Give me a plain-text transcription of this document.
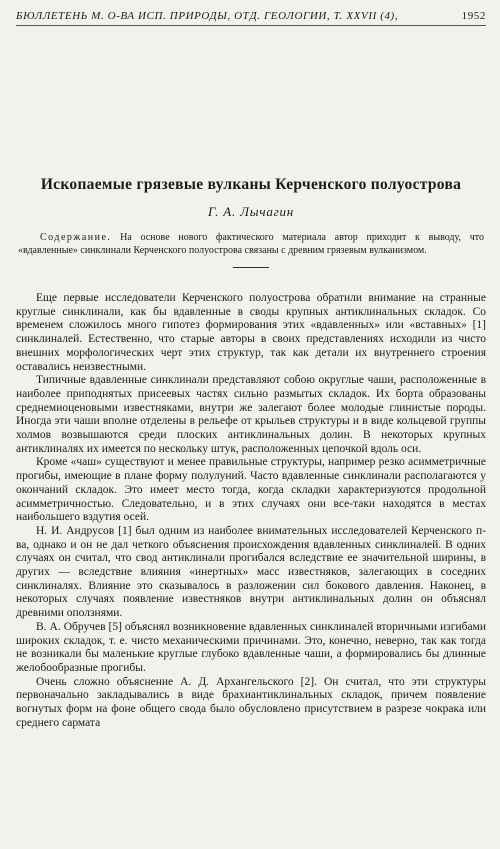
БЮЛЛЕТЕНЬ М. О-ВА ИСП. ПРИРОДЫ, ОТД. ГЕОЛОГИИ, Т. XXVII (4),	1952
Ископаемые грязевые вулканы Керченского полуострова
Г. А. Лычагин
Содержание. На основе нового фактического материала автор приходит к выводу, что «вдавленные» синклинали Керченского полуострова связаны с древним грязевым вулканизмом.

Еще первые исследователи Керченского полуострова обратили внимание на странные круглые синклинали, как бы вдавленные в своды крупных антиклинальных складок. Со временем сложилось много гипотез формирования этих «вдавленных» или «вставных» [1] синклиналей. Естественно, что старые авторы в своих представлениях исходили из чисто внешних морфологических черт этих структур, так как детали их внутреннего строения оставались неизвестными.

Типичные вдавленные синклинали представляют собою округлые чаши, расположенные в наиболее приподнятых присеевых частях сильно размытых складок. Их борта образованы среднемиоценовыми известняками, внутри же залегают более молодые глинистые породы. Иногда эти чаши вполне отделены в рельефе от крыльев структуры и в виде кольцевой группы холмов возвышаются среди плоских антиклинальных долин. В некоторых крупных антиклиналях их имеется по нескольку штук, расположенных цепочкой вдоль оси.

Кроме «чаш» существуют и менее правильные структуры, например резко асимметричные прогибы, имеющие в плане форму полулуний. Часто вдавленные синклинали располагаются у окончаний складок. Это имеет место тогда, когда складки характеризуются продольной асимметричностью. Следовательно, и в этих случаях они все-таки находятся в местах наибольшего вздутия осей.

Н. И. Андрусов [1] был одним из наиболее внимательных исследователей Керченского п-ва, однако и он не дал четкого объяснения происхождения вдавленных синклиналей. В одних случаях он считал, что свод антиклинали прогибался вследствие ее значительной ширины, в других — вследствие влияния «инертных» масс известняков, залегающих в соседних синклиналях. Влияние это сказывалось в разложении сил бокового давления. Наконец, в некоторых случаях появление известняков внутри антиклинальных долин он объяснял древними оползнями.

В. А. Обручев [5] объяснял возникновение вдавленных синклиналей вторичными изгибами широких складок, т. е. чисто механическими причинами. Это, конечно, неверно, так как тогда не возникали бы маленькие круглые глубоко вдавленные чаши, а формировались бы длинные желобообразные прогибы.

Очень сложно объяснение А. Д. Архангельского [2]. Он считал, что эти структуры первоначально закладывались в виде брахиантиклинальных складок, причем появление вогнутых форм на фоне общего свода было обусловлено присутствием в разрезе чокрака или среднего сармата
